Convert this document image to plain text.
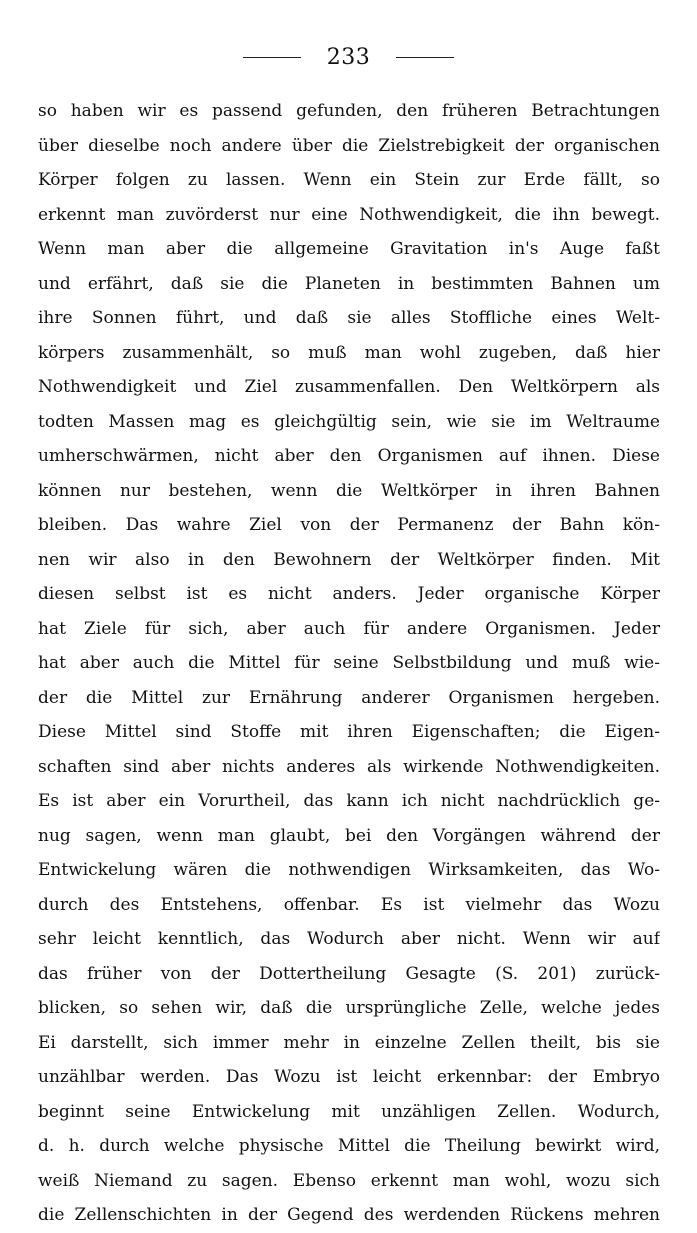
233
so haben wir es passend gefunden, den früheren Betrachtungen
über dieselbe noch andere über die Zielstrebigkeit der organischen
Körper folgen zu lassen. Wenn ein Stein zur Erde fällt, so
erkennt man zuvörderst nur eine Nothwendigkeit, die ihn bewegt.
Wenn man aber die allgemeine Gravitation in's Auge faßt
und erfährt, daß sie die Planeten in bestimmten Bahnen um
ihre Sonnen führt, und daß sie alles Stoffliche eines Welt-
körpers zusammenhält, so muß man wohl zugeben, daß hier
Nothwendigkeit und Ziel zusammenfallen. Den Weltkörpern als
todten Massen mag es gleichgültig sein, wie sie im Weltraume
umherschwärmen, nicht aber den Organismen auf ihnen. Diese
können nur bestehen, wenn die Weltkörper in ihren Bahnen
bleiben. Das wahre Ziel von der Permanenz der Bahn kön-
nen wir also in den Bewohnern der Weltkörper finden. Mit
diesen selbst ist es nicht anders. Jeder organische Körper
hat Ziele für sich, aber auch für andere Organismen. Jeder
hat aber auch die Mittel für seine Selbstbildung und muß wie-
der die Mittel zur Ernährung anderer Organismen hergeben.
Diese Mittel sind Stoffe mit ihren Eigenschaften; die Eigen-
schaften sind aber nichts anderes als wirkende Nothwendigkeiten.
Es ist aber ein Vorurtheil, das kann ich nicht nachdrücklich ge-
nug sagen, wenn man glaubt, bei den Vorgängen während der
Entwickelung wären die nothwendigen Wirksamkeiten, das Wo-
durch des Entstehens, offenbar. Es ist vielmehr das Wozu
sehr leicht kenntlich, das Wodurch aber nicht. Wenn wir auf
das früher von der Dottertheilung Gesagte (S. 201) zurück-
blicken, so sehen wir, daß die ursprüngliche Zelle, welche jedes
Ei darstellt, sich immer mehr in einzelne Zellen theilt, bis sie
unzählbar werden. Das Wozu ist leicht erkennbar: der Embryo
beginnt seine Entwickelung mit unzähligen Zellen. Wodurch,
d. h. durch welche physische Mittel die Theilung bewirkt wird,
weiß Niemand zu sagen. Ebenso erkennt man wohl, wozu sich
die Zellenschichten in der Gegend des werdenden Rückens mehren
